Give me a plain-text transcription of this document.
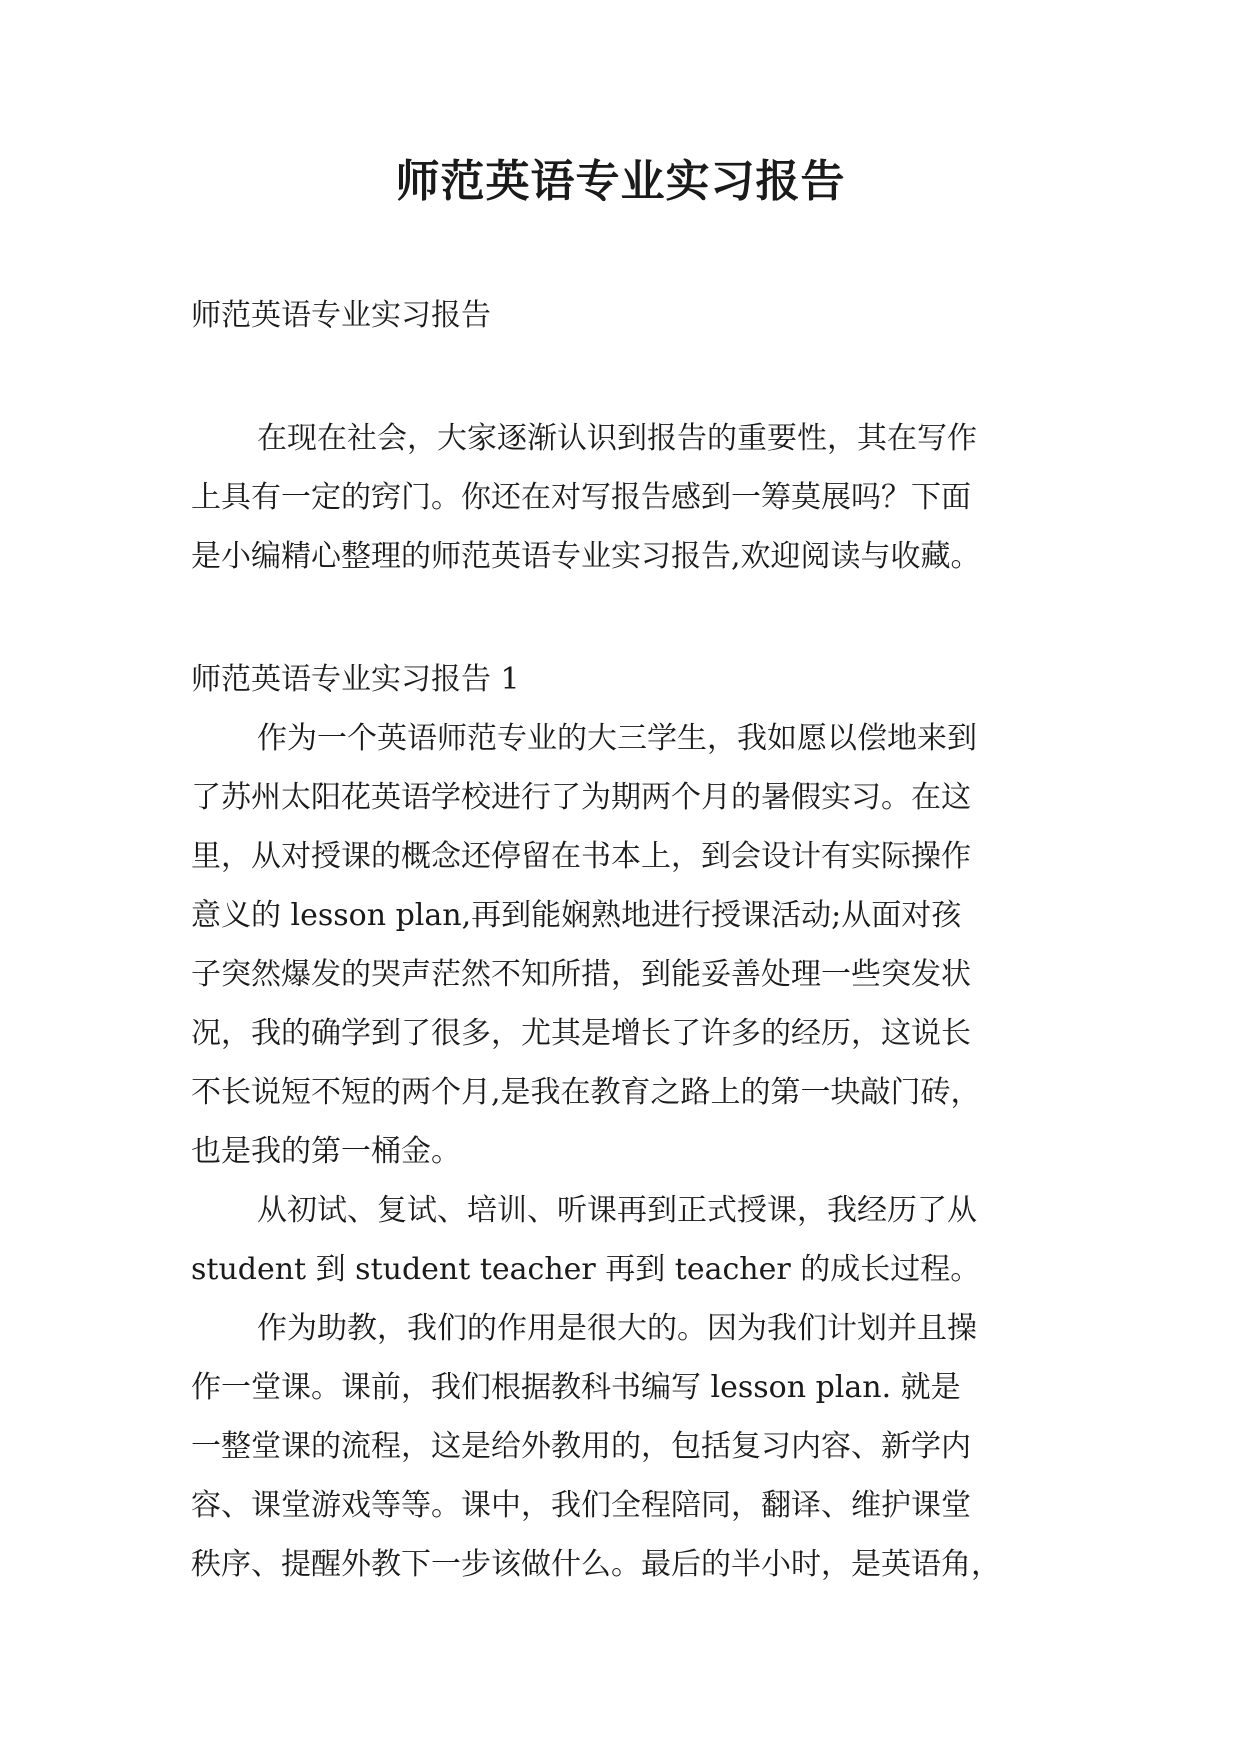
师范英语专业实习报告

师范英语专业实习报告

在现在社会，大家逐渐认识到报告的重要性，其在写作
上具有一定的窍门。你还在对写报告感到一筹莫展吗？下面
是小编精心整理的师范英语专业实习报告,欢迎阅读与收藏。
师范英语专业实习报告 1
作为一个英语师范专业的大三学生，我如愿以偿地来到
了苏州太阳花英语学校进行了为期两个月的暑假实习。在这
里，从对授课的概念还停留在书本上，到会设计有实际操作
意义的 lesson plan,再到能娴熟地进行授课活动;从面对孩
子突然爆发的哭声茫然不知所措，到能妥善处理一些突发状
况，我的确学到了很多，尤其是增长了许多的经历，这说长
不长说短不短的两个月,是我在教育之路上的第一块敲门砖，
也是我的第一桶金。
从初试、复试、培训、听课再到正式授课，我经历了从
student 到 student teacher 再到 teacher 的成长过程。
作为助教，我们的作用是很大的。因为我们计划并且操
作一堂课。课前，我们根据教科书编写 lesson plan. 就是
一整堂课的流程，这是给外教用的，包括复习内容、新学内
容、课堂游戏等等。课中，我们全程陪同，翻译、维护课堂
秩序、提醒外教下一步该做什么。最后的半小时，是英语角，
